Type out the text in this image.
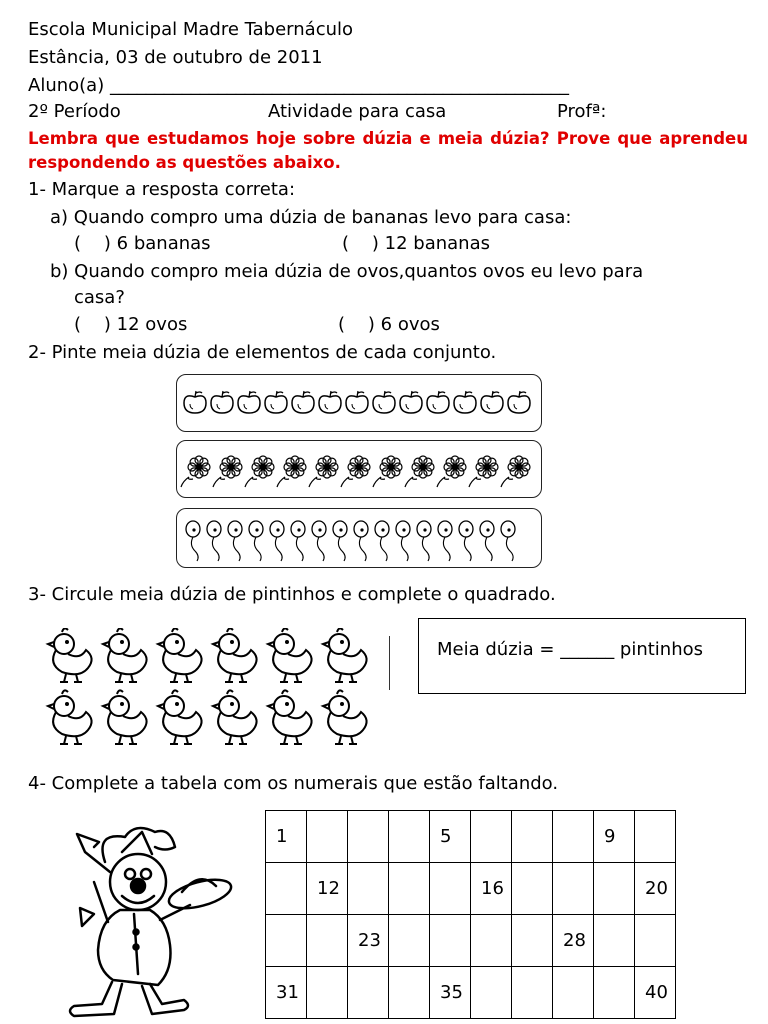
Escola Municipal Madre Tabernáculo
Estância, 03 de outubro de 2011
Aluno(a) ___________________________________________________
2º Período	Atividade para casa	Profª:
Lembra que estudamos hoje sobre dúzia e meia dúzia? Prove que aprendeu respondendo as questões abaixo.
1- Marque a resposta correta:
a) Quando compro uma dúzia de bananas levo para casa:
(    ) 6 bananas	(    ) 12 bananas
b) Quando compro meia dúzia de ovos,quantos ovos eu levo para
casa?
(    ) 12 ovos	(    ) 6 ovos
2- Pinte meia dúzia de elementos de cada conjunto.
3- Circule meia dúzia de pintinhos e complete o quadrado.
Meia dúzia = ______ pintinhos
4- Complete a tabela com os numerais que estão faltando.
1				5				9	
	12				16				20
		23					28		
31				35					40
